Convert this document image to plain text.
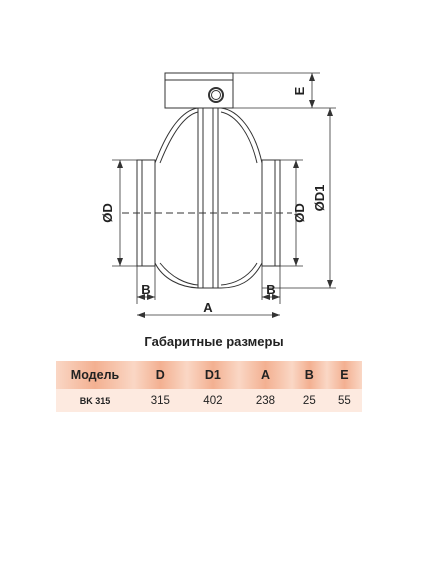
ØD	ØD
ØD1
E
B	B
A
Габаритные размеры
Модель	D	D1	A	B	E
BK 315	315	402	238	25	55
